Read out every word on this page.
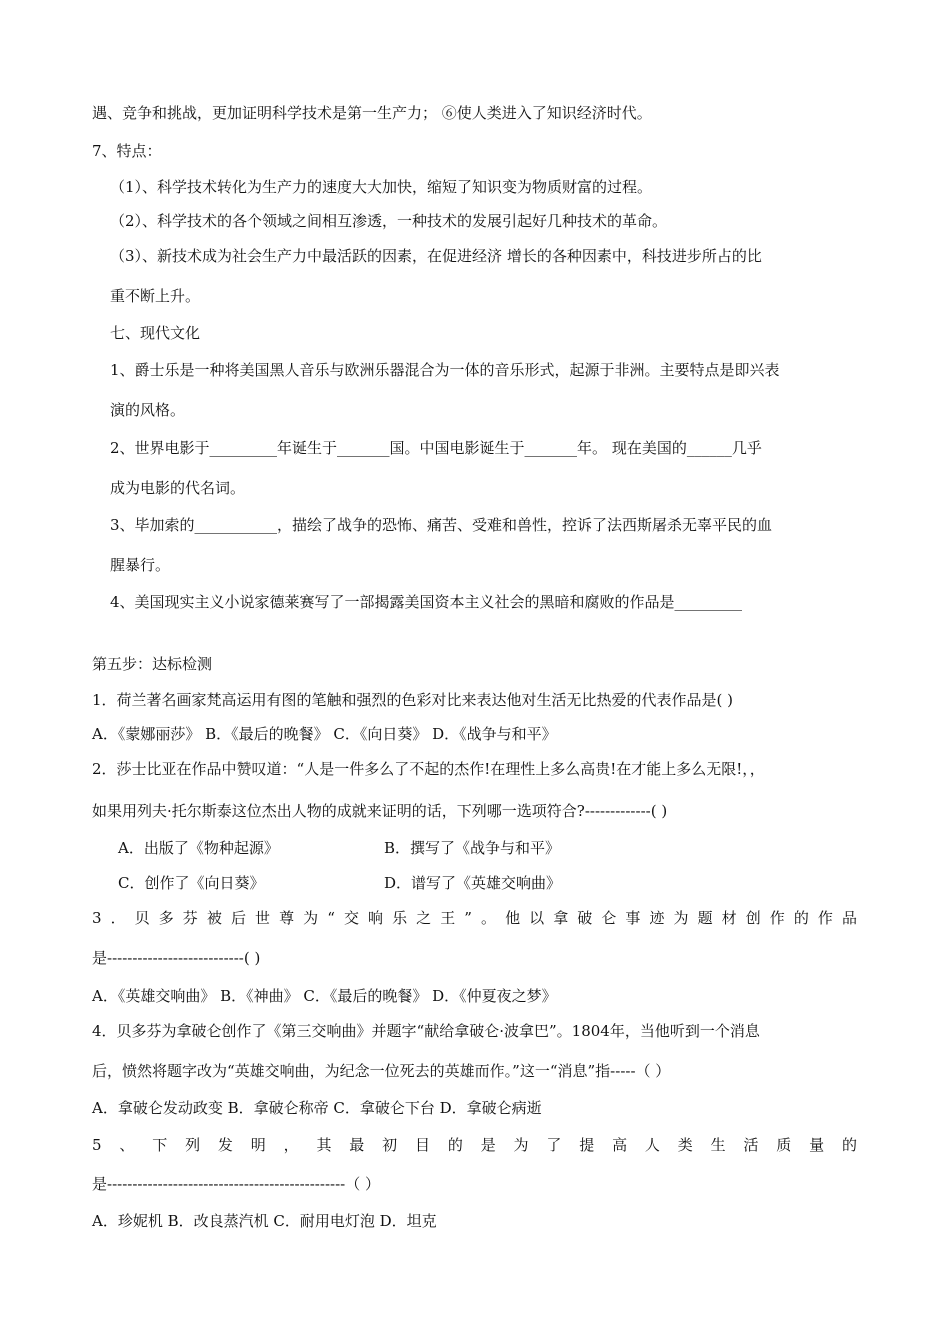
遇、竞争和挑战，更加证明科学技术是第一生产力； ⑥使人类进入了知识经济时代。
7、特点：
（1）、科学技术转化为生产力的速度大大加快，缩短了知识变为物质财富的过程。
（2）、科学技术的各个领域之间相互渗透，一种技术的发展引起好几种技术的革命。
（3）、新技术成为社会生产力中最活跃的因素，在促进经济 增长的各种因素中，科技进步所占的比
重不断上升。
七、现代文化
1、爵士乐是一种将美国黑人音乐与欧洲乐器混合为一体的音乐形式，起源于非洲。主要特点是即兴表
演的风格。
2、世界电影于_________年诞生于_______国。中国电影诞生于_______年。 现在美国的______几乎
成为电影的代名词。
3、毕加索的___________，描绘了战争的恐怖、痛苦、受难和兽性，控诉了法西斯屠杀无辜平民的血
腥暴行。
4、美国现实主义小说家德莱赛写了一部揭露美国资本主义社会的黑暗和腐败的作品是_________
第五步：达标检测
1．荷兰著名画家梵高运用有图的笔触和强烈的色彩对比来表达他对生活无比热爱的代表作品是( )
A．《蒙娜丽莎》 B．《最后的晚餐》 C．《向日葵》 D．《战争与和平》
2．莎士比亚在作品中赞叹道：“人是一件多么了不起的杰作!在理性上多么高贵!在才能上多么无限!，，
如果用列夫·托尔斯泰这位杰出人物的成就来证明的话，下列哪一选项符合?-------------( )
A．出版了《物种起源》	B．撰写了《战争与和平》
C．创作了《向日葵》	D．谱写了《英雄交响曲》
3．贝多芬被后世尊为“交响乐之王”。他以拿破仑事迹为题材创作的作品
是---------------------------( )
A．《英雄交响曲》 B．《神曲》 C．《最后的晚餐》 D．《仲夏夜之梦》
4．贝多芬为拿破仑创作了《第三交响曲》并题字“献给拿破仑·波拿巴”。1804年，当他听到一个消息
后，愤然将题字改为“英雄交响曲，为纪念一位死去的英雄而作。”这一“消息”指-----（ ）
A．拿破仑发动政变 B．拿破仑称帝 C．拿破仑下台 D．拿破仑病逝
5、下列发明，其最初目的是为了提高人类生活质量的
是-----------------------------------------------（ ）
A．珍妮机 B．改良蒸汽机 C．耐用电灯泡 D．坦克
